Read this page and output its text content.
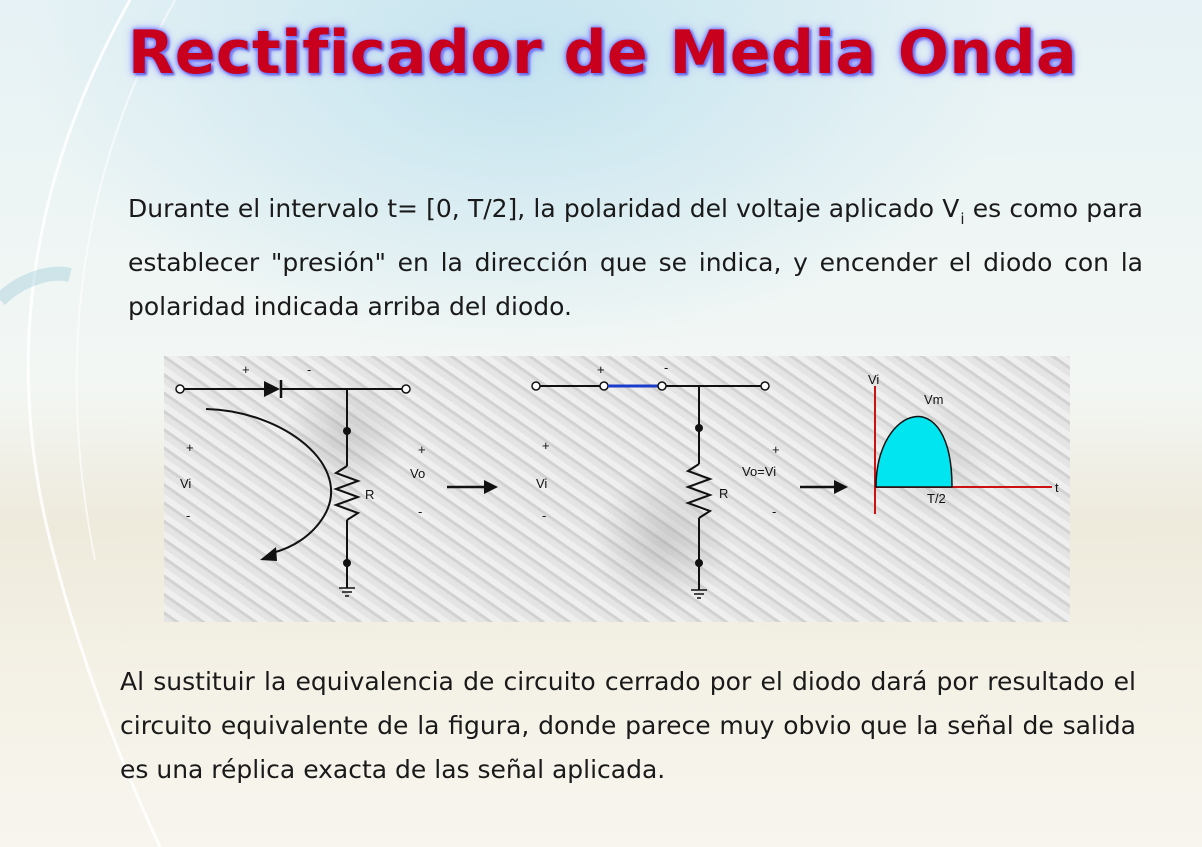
Rectificador de Media Onda

Durante el intervalo t= [0, T/2], la polaridad del voltaje aplicado $V_i$ es como para establecer "presión" en la dirección que se indica, y encender el diodo con la polaridad indicada arriba del diodo.

+	-
R
+
Vi
-
+
Vo
-
+	-
R
+
Vi
-
+
Vo=Vi
-
Vi
Vm
t
T/2

Al sustituir la equivalencia de circuito cerrado por el diodo dará por resultado el circuito equivalente de la figura, donde parece muy obvio que la señal de salida es una réplica exacta de las señal aplicada.
